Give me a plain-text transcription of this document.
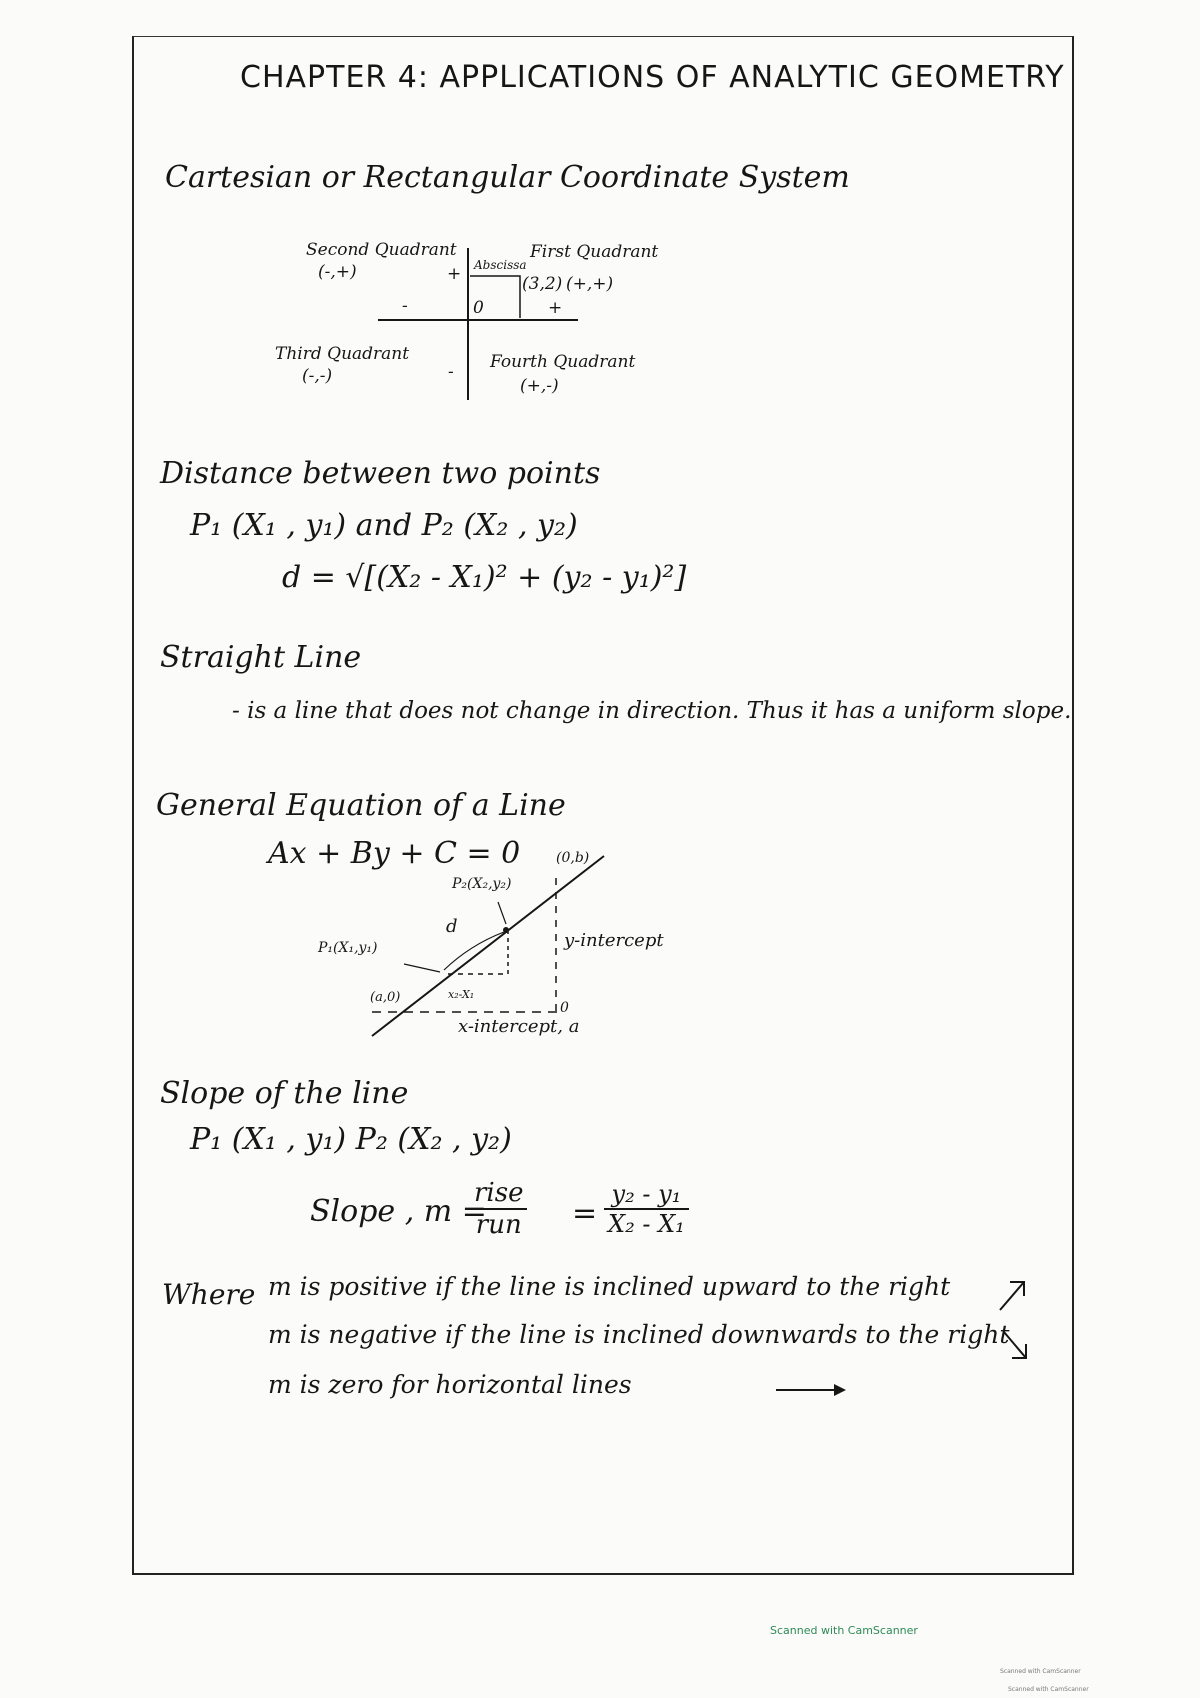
CHAPTER 4: APPLICATIONS OF ANALYTIC GEOMETRY
Cartesian or Rectangular Coordinate System
Second Quadrant
(-,+)	+ Abscissa
First Quadrant
(3,2) (+,+)
-	0	+
Third Quadrant
(-,-)	- Fourth Quadrant
(+,-)
Distance between two points
P₁ (X₁ , y₁) and P₂ (X₂ , y₂)
d = √[(X₂ - X₁)² + (y₂ - y₁)²]
Straight Line
- is a line that does not change in direction. Thus it has a uniform slope.
General Equation of a Line
Ax + By + C = 0
P₂(X₂,y₂)
(0,b)
d
P₁(X₁,y₁)	y-intercept
(a,0)	x₂-X₁
0
x-intercept, a
Slope of the line
P₁ (X₁ , y₁) P₂ (X₂ , y₂)
Slope , m =
rise
run = $\frac{\text{y₂ - y₁}}{\text{X₂ - X₁}}$
Where m is positive if the line is inclined upward to the right
m is negative if the line is inclined downwards to the right
m is zero for horizontal lines
Scanned with CamScanner
Scanned with CamScanner
Scanned with CamScanner
